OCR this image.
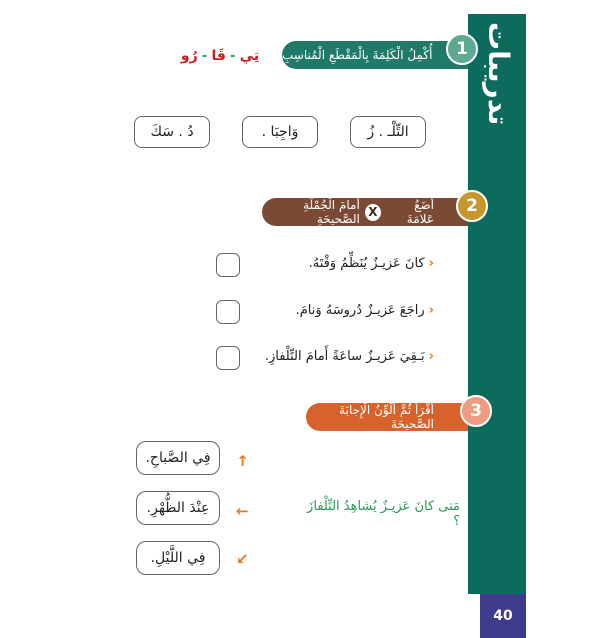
تدريبات
40
أُكْمِلُ الْكَلِمَةَ بِالْمَقْطَعِ الْمُناسِبِ	1
تِي-قَا-رُو
التِّلْـ . زُ
وَاجِبَا .
دُ . سَكَ
أَضَعُ عَلامَةَ
X
أَمامَ الْجُمْلَةِ الصَّحيحَةِ
2
‹كانَ عَزيـزٌ يُنَظِّمُ وَقْتَهُ.
‹راجَعَ عَزيـزٌ دُروسَهُ وَنامَ.
‹بَـقِيَ عَزيـزٌ ساعَةً أَمامَ التِّلْفازِ.
أَقْرَأُ ثُمَّ أُلَوِّنُ الْإِجابَةَ الصَّحيحَةَ
3
مَتى كانَ عَزيـزٌ يُشاهِدُ التِّلْفازَ ؟
فِي الصَّباحِ.
عِنْدَ الظُّهْرِ.
فِي اللَّيْلِ.
↖
←
↙
